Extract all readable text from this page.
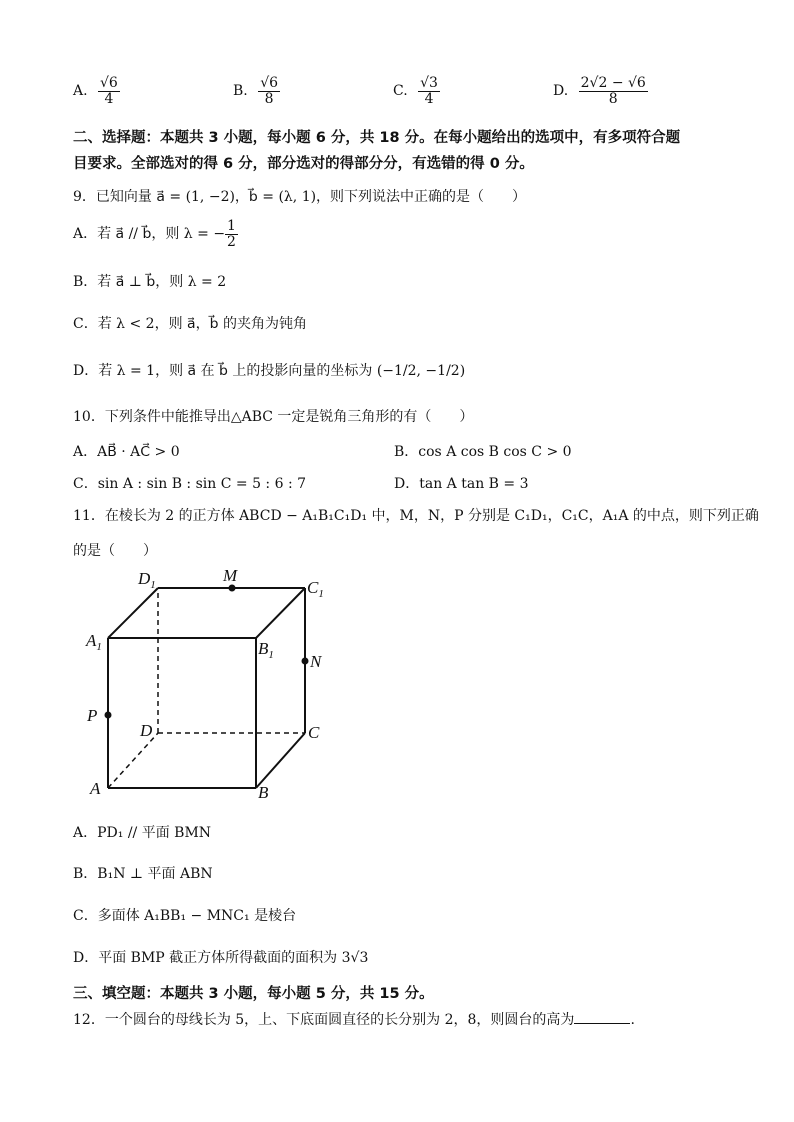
A. $\frac{√6}{4}$	B. $\frac{√6}{8}$	C. $\frac{√3}{4}$	D. $\frac{2√2 - √6}{8}$
二、选择题：本题共 3 小题，每小题 6 分，共 18 分。在每小题给出的选项中，有多项符合题
目要求。全部选对的得 6 分，部分选对的得部分分，有选错的得 0 分。
9．已知向量 a⃗ = (1, −2)，b⃗ = (λ, 1)，则下列说法中正确的是（　　）
A．若 a⃗ // b⃗，则 λ = − $\frac{1}{2}$
B．若 a⃗ ⊥ b⃗，则 λ = 2
C．若 λ < 2，则 a⃗，b⃗ 的夹角为钝角
D．若 λ = 1，则 a⃗ 在 b⃗ 上的投影向量的坐标为 (−1/2, −1/2)
10．下列条件中能推导出△ABC 一定是锐角三角形的有（　　）
A．AB⃗ · AC⃗ > 0	B．cos A cos B cos C > 0
C．sin A : sin B : sin C = 5 : 6 : 7	D．tan A tan B = 3
11．在棱长为 2 的正方体 ABCD − A₁B₁C₁D₁ 中，M，N，P 分别是 C₁D₁，C₁C，A₁A 的中点，则下列正确
的是（　　）
$D_1$	M
$C_1$
$A_1$	$B_1$ N
P
D	C
A	B
A．PD₁ // 平面 BMN
B．B₁N ⊥ 平面 ABN
C．多面体 A₁BB₁ − MNC₁ 是棱台
D．平面 BMP 截正方体所得截面的面积为 3√3
三、填空题：本题共 3 小题，每小题 5 分，共 15 分。
12．一个圆台的母线长为 5，上、下底面圆直径的长分别为 2，8，则圆台的高为	.
